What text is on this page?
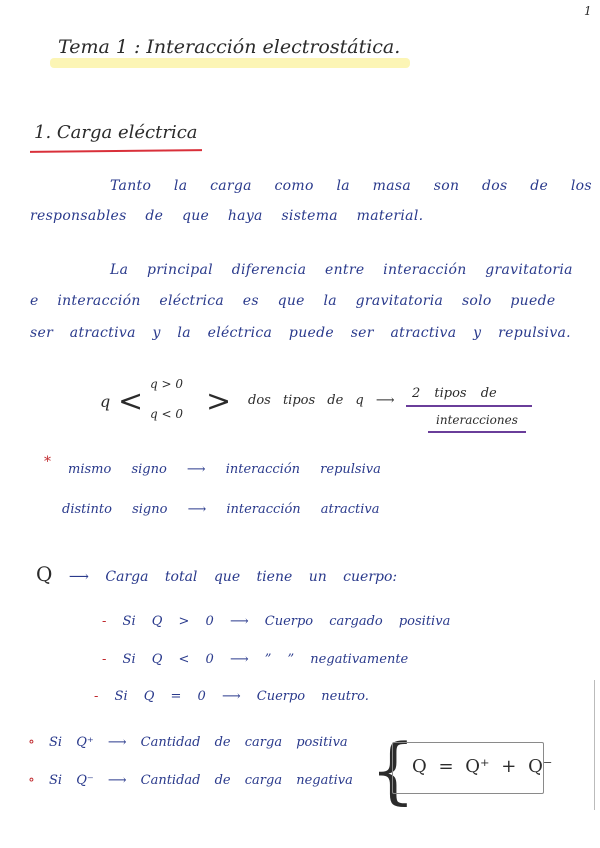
1
Tema 1 : Interacción electrostática.
1. Carga eléctrica
Tanto la carga como la masa son dos de los
responsables de que haya sistema material.
La principal diferencia entre interacción gravitatoria
e interacción eléctrica es que la gravitatoria solo puede
ser atractiva y la eléctrica puede ser atractiva y repulsiva.
q < q > 0
q < 0 > dos tipos de q ⟶ 2 tipos de
interacciones
* mismo signo ⟶ interacción repulsiva
distinto signo ⟶ interacción atractiva
Q ⟶ Carga total que tiene un cuerpo:
- Si Q > 0 ⟶ Cuerpo cargado positiva
- Si Q < 0 ⟶ ” ” negativamente
- Si Q = 0 ⟶ Cuerpo neutro.
∘ Si Q⁺ ⟶ Cantidad de carga positiva
∘ Si Q⁻ ⟶ Cantidad de carga negativa {
Q = Q⁺ + Q⁻
